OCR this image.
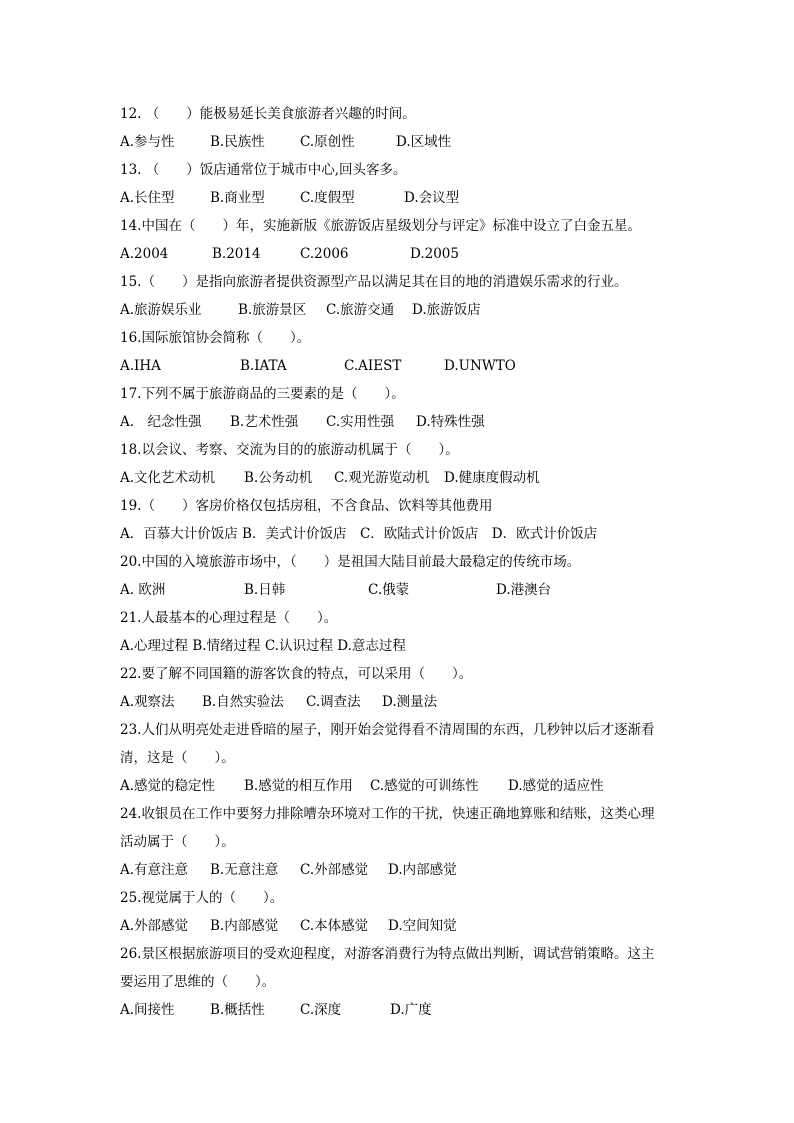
12. （　　）能极易延长美食旅游者兴趣的时间。
A.参与性	B.民族性	C.原创性	D.区域性
13. （　　）饭店通常位于城市中心,回头客多。
A.长住型	B.商业型	C.度假型	D.会议型
14.中国在（　　）年，实施新版《旅游饭店星级划分与评定》标准中设立了白金五星。
A.2004	B.2014	C.2006	D.2005
15.（　　）是指向旅游者提供资源型产品以满足其在目的地的消遣娱乐需求的行业。
A.旅游娱乐业	B.旅游景区	C.旅游交通	D.旅游饭店
16.国际旅馆协会简称（　　）。
A.IHA	B.IATA	C.AIEST	D.UNWTO
17.下列不属于旅游商品的三要素的是（　　）。
A.　纪念性强	B.艺术性强	C.实用性强	D.特殊性强
18.以会议、考察、交流为目的的旅游动机属于（　　）。
A.文化艺术动机	B.公务动机	C.观光游览动机	D.健康度假动机
19.（　　）客房价格仅包括房租，不含食品、饮料等其他费用
A．百慕大计价饭店 B．美式计价饭店　C．欧陆式计价饭店　D．欧式计价饭店
20.中国的入境旅游市场中，（　　）是祖国大陆目前最大最稳定的传统市场。
A. 欧洲	B.日韩	C.俄蒙	D.港澳台
21.人最基本的心理过程是（　　）。
A.心理过程 B.情绪过程 C.认识过程 D.意志过程
22.要了解不同国籍的游客饮食的特点，可以采用（　　）。
A.观察法	B.自然实验法	C.调查法	D.测量法
23.人们从明亮处走进昏暗的屋子，刚开始会觉得看不清周围的东西，几秒钟以后才逐渐看
清，这是（　　）。
A.感觉的稳定性	B.感觉的相互作用	C.感觉的可训练性	D.感觉的适应性
24.收银员在工作中要努力排除嘈杂环境对工作的干扰，快速正确地算账和结账，这类心理
活动属于（　　）。
A.有意注意	B.无意注意	C.外部感觉	D.内部感觉
25.视觉属于人的（　　）。
A.外部感觉	B.内部感觉	C.本体感觉	D.空间知觉
26.景区根据旅游项目的受欢迎程度，对游客消费行为特点做出判断，调试营销策略。这主
要运用了思维的（　　）。
A.间接性	B.概括性	C.深度	D.广度
